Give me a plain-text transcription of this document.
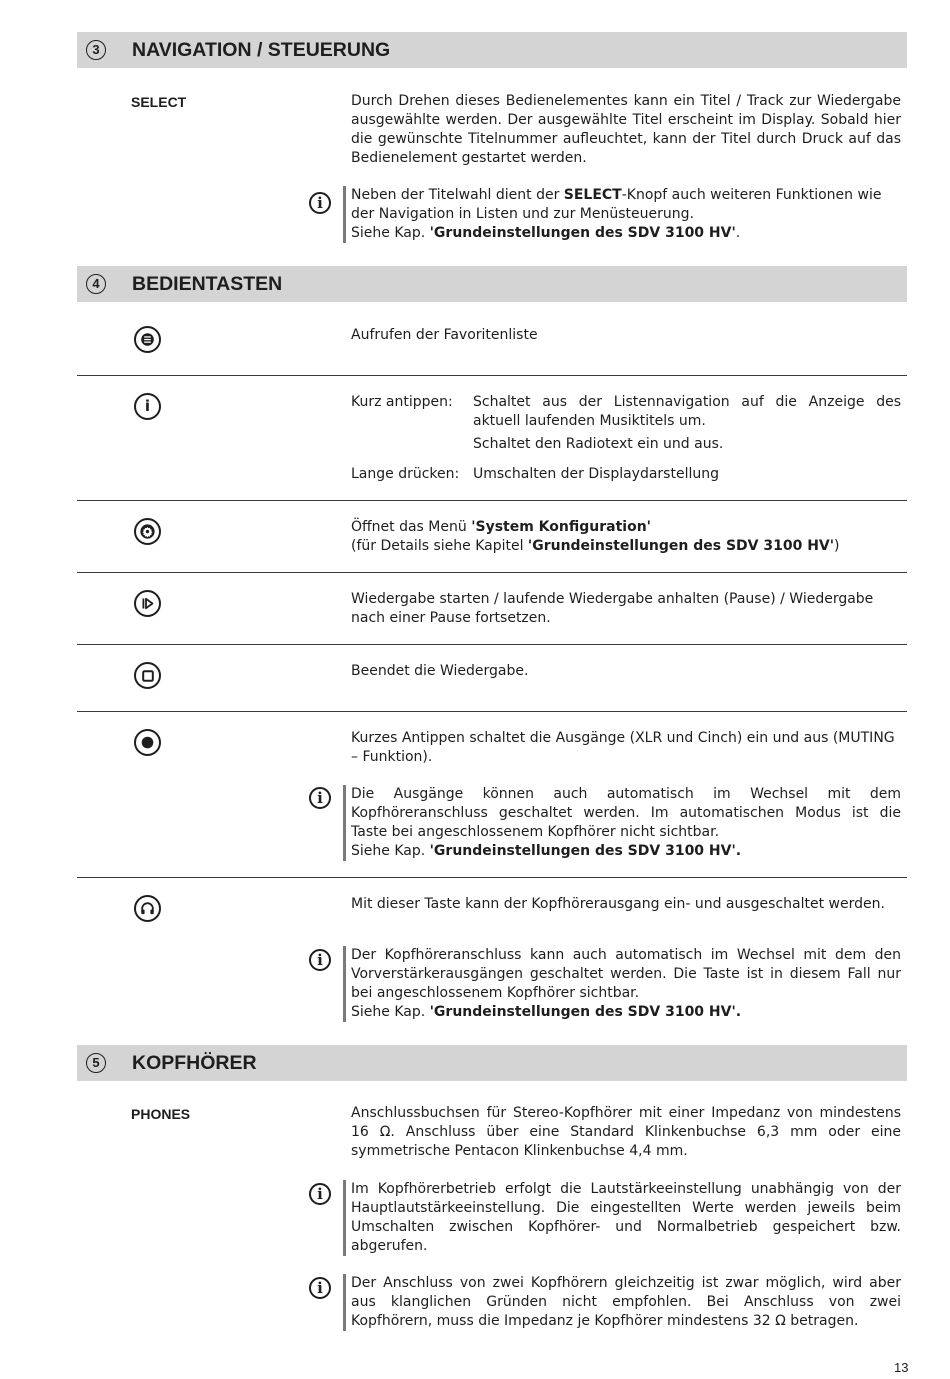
3	NAVIGATION / STEUERUNG
SELECT	Durch Drehen dieses Bedienelementes kann ein Titel / Track zur Wiedergabe
ausgewählte werden. Der ausgewählte Titel erscheint im Display. Sobald hier
die gewünschte Titelnummer aufleuchtet, kann der Titel durch Druck auf das
Bedienelement gestartet werden.
i	Neben der Titelwahl dient der SELECT-Knopf auch weiteren Funktionen wie
der Navigation in Listen und zur Menüsteuerung.
Siehe Kap. 'Grundeinstellungen des SDV 3100 HV'.
4	BEDIENTASTEN
Aufrufen der Favoritenliste
i	Kurz antippen: Schaltet aus der Listennavigation auf die Anzeige des
aktuell laufenden Musiktitels um.
Schaltet den Radiotext ein und aus.
Lange drücken: Umschalten der Displaydarstellung
Öffnet das Menü 'System Konfiguration'
(für Details siehe Kapitel 'Grundeinstellungen des SDV 3100 HV')
Wiedergabe starten / laufende Wiedergabe anhalten (Pause) / Wiedergabe
nach einer Pause fortsetzen.
Beendet die Wiedergabe.
Kurzes Antippen schaltet die Ausgänge (XLR und Cinch) ein und aus (MUTING
– Funktion).
i	Die Ausgänge können auch automatisch im Wechsel mit dem
Kopfhöreranschluss geschaltet werden. Im automatischen Modus ist die
Taste bei angeschlossenem Kopfhörer nicht sichtbar.
Siehe Kap. 'Grundeinstellungen des SDV 3100 HV'.
Mit dieser Taste kann der Kopfhörerausgang ein- und ausgeschaltet werden.
i	Der Kopfhöreranschluss kann auch automatisch im Wechsel mit dem den
Vorverstärkerausgängen geschaltet werden. Die Taste ist in diesem Fall nur
bei angeschlossenem Kopfhörer sichtbar.
Siehe Kap. 'Grundeinstellungen des SDV 3100 HV'.
5	KOPFHÖRER
PHONES	Anschlussbuchsen für Stereo-Kopfhörer mit einer Impedanz von mindestens
16 Ω. Anschluss über eine Standard Klinkenbuchse 6,3 mm oder eine
symmetrische Pentacon Klinkenbuchse 4,4 mm.
i	Im Kopfhörerbetrieb erfolgt die Lautstärkeeinstellung unabhängig von der
Hauptlautstärkeeinstellung. Die eingestellten Werte werden jeweils beim
Umschalten zwischen Kopfhörer- und Normalbetrieb gespeichert bzw.
abgerufen.
i	Der Anschluss von zwei Kopfhörern gleichzeitig ist zwar möglich, wird aber
aus klanglichen Gründen nicht empfohlen. Bei Anschluss von zwei
Kopfhörern, muss die Impedanz je Kopfhörer mindestens 32 Ω betragen.
13
